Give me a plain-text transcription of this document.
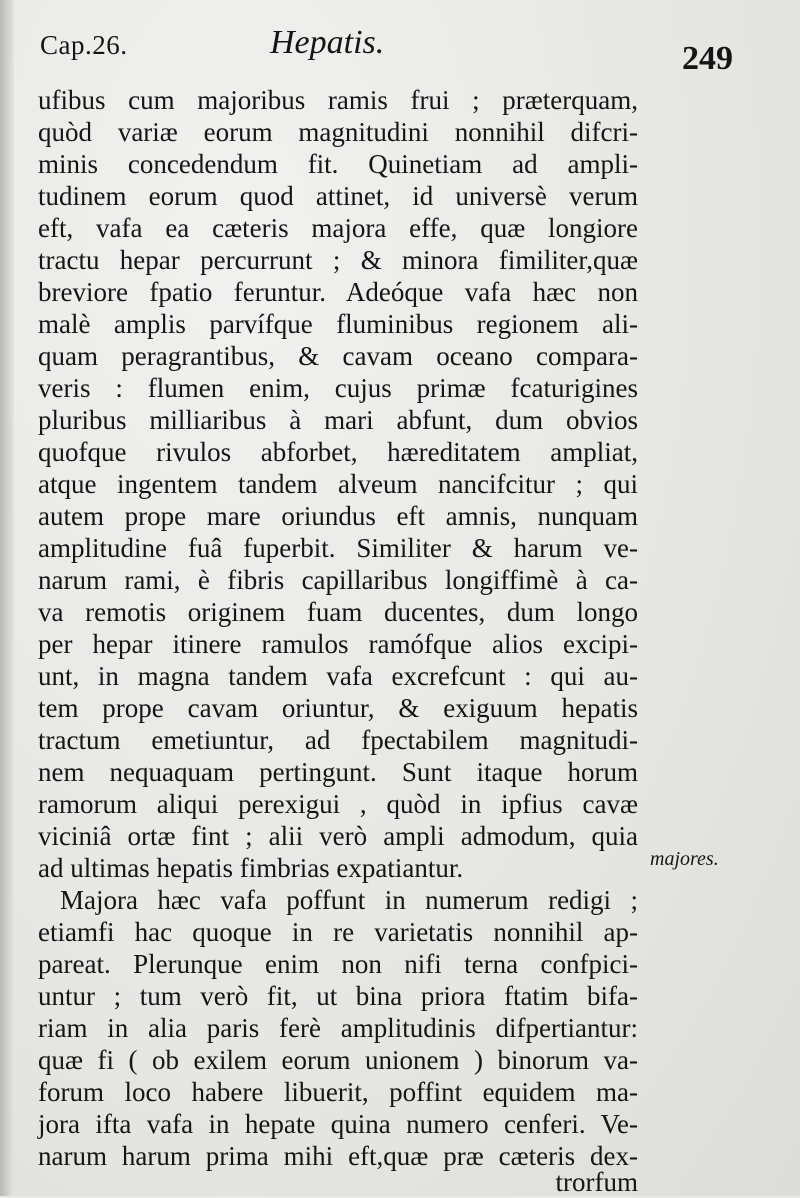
Cap.26.	Hepatis.	249
ufibus cum majoribus ramis frui ; præterquam,
quòd variæ eorum magnitudini nonnihil difcri-
minis concedendum fit. Quinetiam ad ampli-
tudinem eorum quod attinet, id universè verum
eft, vafa ea cæteris majora effe, quæ longiore
tractu hepar percurrunt ; & minora fimiliter,quæ
breviore fpatio feruntur. Adeóque vafa hæc non
malè amplis parvífque fluminibus regionem ali-
quam peragrantibus, & cavam oceano compara-
veris : flumen enim, cujus primæ fcaturigines
pluribus milliaribus à mari abfunt, dum obvios
quofque rivulos abforbet, hæreditatem ampliat,
atque ingentem tandem alveum nancifcitur ; qui
autem prope mare oriundus eft amnis, nunquam
amplitudine fuâ fuperbit. Similiter & harum ve-
narum rami, è fibris capillaribus longiffimè à ca-
va remotis originem fuam ducentes, dum longo
per hepar itinere ramulos ramófque alios excipi-
unt, in magna tandem vafa excrefcunt : qui au-
tem prope cavam oriuntur, & exiguum hepatis
tractum emetiuntur, ad fpectabilem magnitudi-
nem nequaquam pertingunt. Sunt itaque horum
ramorum aliqui perexigui , quòd in ipfius cavæ
viciniâ ortæ fint ; alii verò ampli admodum, quia
ad ultimas hepatis fimbrias expatiantur.
Majora hæc vafa poffunt in numerum redigi ;
etiamfi hac quoque in re varietatis nonnihil ap-
pareat. Plerunque enim non nifi terna confpici-
untur ; tum verò fit, ut bina priora ftatim bifa-
riam in alia paris ferè amplitudinis difpertiantur:
quæ fi ( ob exilem eorum unionem ) binorum va-
forum loco habere libuerit, poffint equidem ma-
jora ifta vafa in hepate quina numero cenferi. Ve-
narum harum prima mihi eft,quæ præ cæteris dex-
trorfum
majores.
